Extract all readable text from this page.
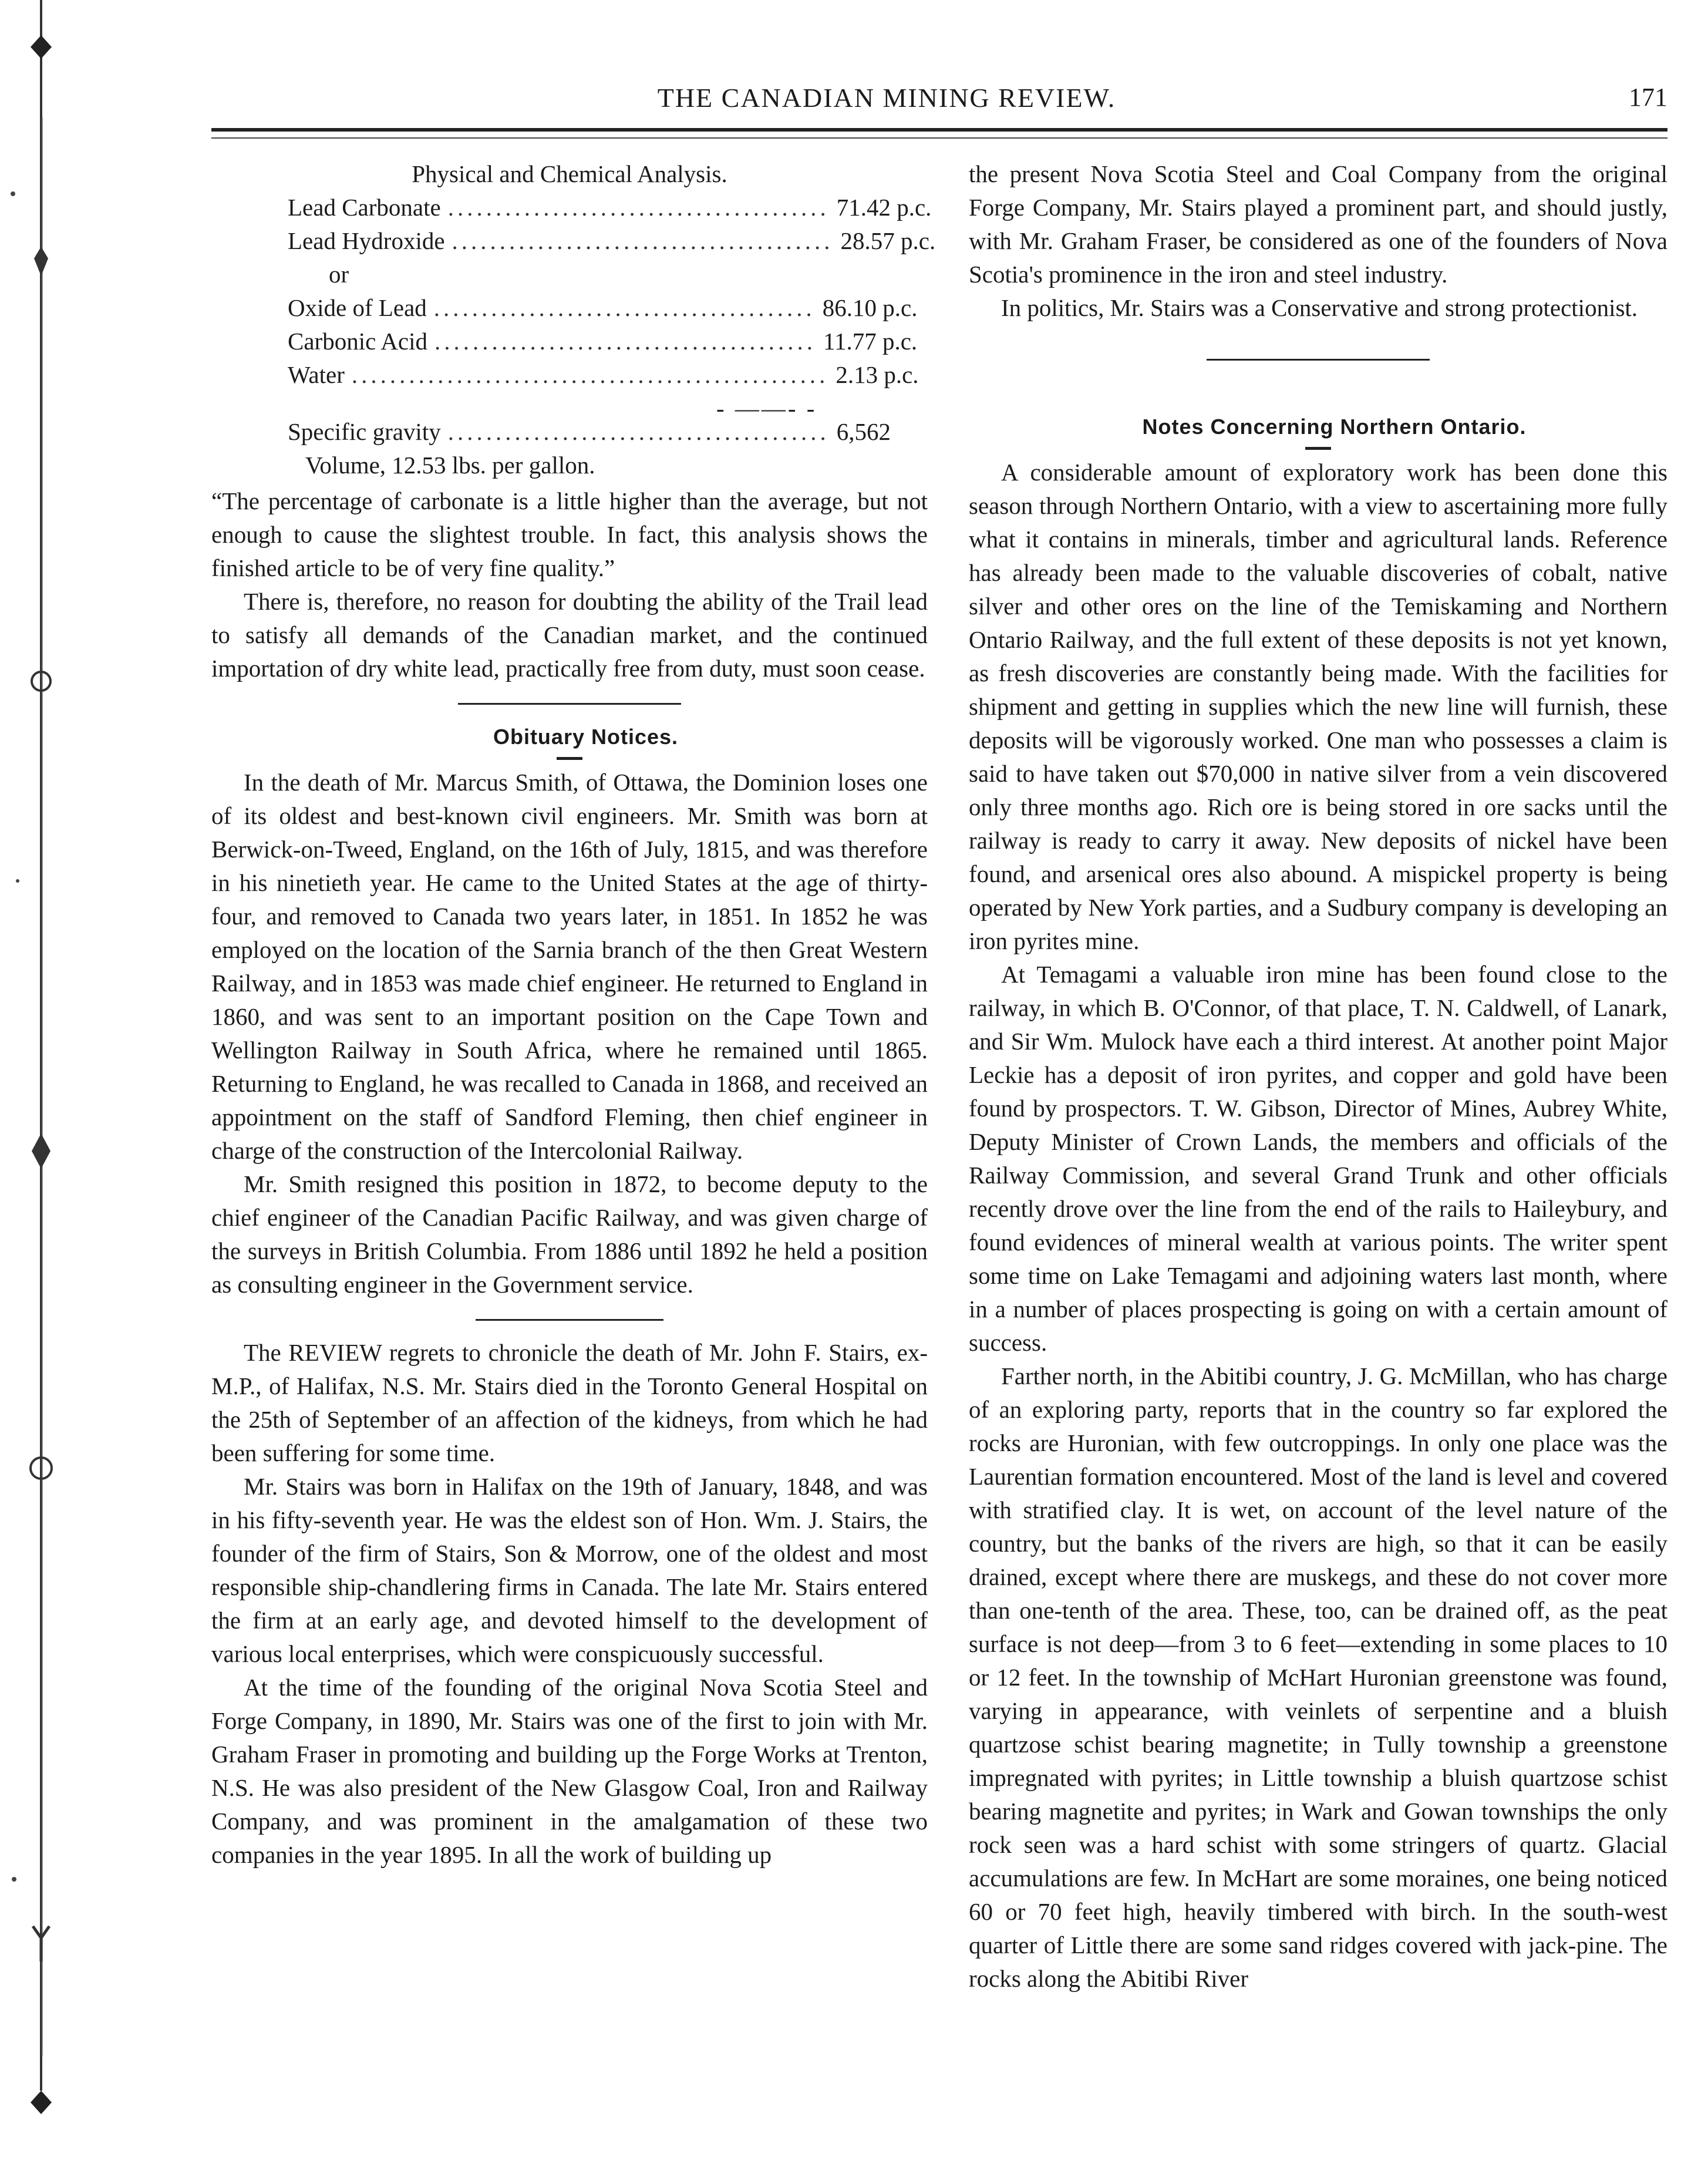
THE CANADIAN MINING REVIEW.	171

Physical and Chemical Analysis.

Lead Carbonate ........................................ 71.42 p.c.
Lead Hydroxide ........................................ 28.57 p.c.
or
Oxide of Lead ........................................ 86.10 p.c.
Carbonic Acid ........................................ 11.77 p.c.
Water .................................................. 2.13 p.c.
- ——- -
Specific gravity ........................................ 6,562
Volume, 12.53 lbs. per gallon.

“The percentage of carbonate is a little higher than the average, but not enough to cause the slightest trouble. In fact, this analysis shows the finished article to be of very fine quality.”

There is, therefore, no reason for doubting the ability of the Trail lead to satisfy all demands of the Canadian market, and the continued importation of dry white lead, practically free from duty, must soon cease.

Obituary Notices.

In the death of Mr. Marcus Smith, of Ottawa, the Dominion loses one of its oldest and best-known civil engineers. Mr. Smith was born at Berwick-on-Tweed, England, on the 16th of July, 1815, and was therefore in his ninetieth year. He came to the United States at the age of thirty-four, and removed to Canada two years later, in 1851. In 1852 he was employed on the location of the Sarnia branch of the then Great Western Railway, and in 1853 was made chief engineer. He returned to England in 1860, and was sent to an important position on the Cape Town and Wellington Railway in South Africa, where he remained until 1865. Returning to England, he was recalled to Canada in 1868, and received an appointment on the staff of Sandford Fleming, then chief engineer in charge of the construction of the Intercolonial Railway.

Mr. Smith resigned this position in 1872, to become deputy to the chief engineer of the Canadian Pacific Railway, and was given charge of the surveys in British Columbia. From 1886 until 1892 he held a position as consulting engineer in the Government service.

The REVIEW regrets to chronicle the death of Mr. John F. Stairs, ex-M.P., of Halifax, N.S. Mr. Stairs died in the Toronto General Hospital on the 25th of September of an affection of the kidneys, from which he had been suffering for some time.

Mr. Stairs was born in Halifax on the 19th of January, 1848, and was in his fifty-seventh year. He was the eldest son of Hon. Wm. J. Stairs, the founder of the firm of Stairs, Son & Morrow, one of the oldest and most responsible ship-chandlering firms in Canada. The late Mr. Stairs entered the firm at an early age, and devoted himself to the development of various local enterprises, which were conspicuously successful.

At the time of the founding of the original Nova Scotia Steel and Forge Company, in 1890, Mr. Stairs was one of the first to join with Mr. Graham Fraser in promoting and building up the Forge Works at Trenton, N.S. He was also president of the New Glasgow Coal, Iron and Railway Company, and was prominent in the amalgamation of these two companies in the year 1895. In all the work of building up

the present Nova Scotia Steel and Coal Company from the original Forge Company, Mr. Stairs played a prominent part, and should justly, with Mr. Graham Fraser, be considered as one of the founders of Nova Scotia's prominence in the iron and steel industry.

In politics, Mr. Stairs was a Conservative and strong protectionist.

Notes Concerning Northern Ontario.

A considerable amount of exploratory work has been done this season through Northern Ontario, with a view to ascertaining more fully what it contains in minerals, timber and agricultural lands. Reference has already been made to the valuable discoveries of cobalt, native silver and other ores on the line of the Temiskaming and Northern Ontario Railway, and the full extent of these deposits is not yet known, as fresh discoveries are constantly being made. With the facilities for shipment and getting in supplies which the new line will furnish, these deposits will be vigorously worked. One man who possesses a claim is said to have taken out $70,000 in native silver from a vein discovered only three months ago. Rich ore is being stored in ore sacks until the railway is ready to carry it away. New deposits of nickel have been found, and arsenical ores also abound. A mispickel property is being operated by New York parties, and a Sudbury company is developing an iron pyrites mine.

At Temagami a valuable iron mine has been found close to the railway, in which B. O'Connor, of that place, T. N. Caldwell, of Lanark, and Sir Wm. Mulock have each a third interest. At another point Major Leckie has a deposit of iron pyrites, and copper and gold have been found by prospectors. T. W. Gibson, Director of Mines, Aubrey White, Deputy Minister of Crown Lands, the members and officials of the Railway Commission, and several Grand Trunk and other officials recently drove over the line from the end of the rails to Haileybury, and found evidences of mineral wealth at various points. The writer spent some time on Lake Temagami and adjoining waters last month, where in a number of places prospecting is going on with a certain amount of success.

Farther north, in the Abitibi country, J. G. McMillan, who has charge of an exploring party, reports that in the country so far explored the rocks are Huronian, with few outcroppings. In only one place was the Laurentian formation encountered. Most of the land is level and covered with stratified clay. It is wet, on account of the level nature of the country, but the banks of the rivers are high, so that it can be easily drained, except where there are muskegs, and these do not cover more than one-tenth of the area. These, too, can be drained off, as the peat surface is not deep—from 3 to 6 feet—extending in some places to 10 or 12 feet. In the township of McHart Huronian greenstone was found, varying in appearance, with veinlets of serpentine and a bluish quartzose schist bearing magnetite; in Tully township a greenstone impregnated with pyrites; in Little township a bluish quartzose schist bearing magnetite and pyrites; in Wark and Gowan townships the only rock seen was a hard schist with some stringers of quartz. Glacial accumulations are few. In McHart are some moraines, one being noticed 60 or 70 feet high, heavily timbered with birch. In the south-west quarter of Little there are some sand ridges covered with jack-pine. The rocks along the Abitibi River
